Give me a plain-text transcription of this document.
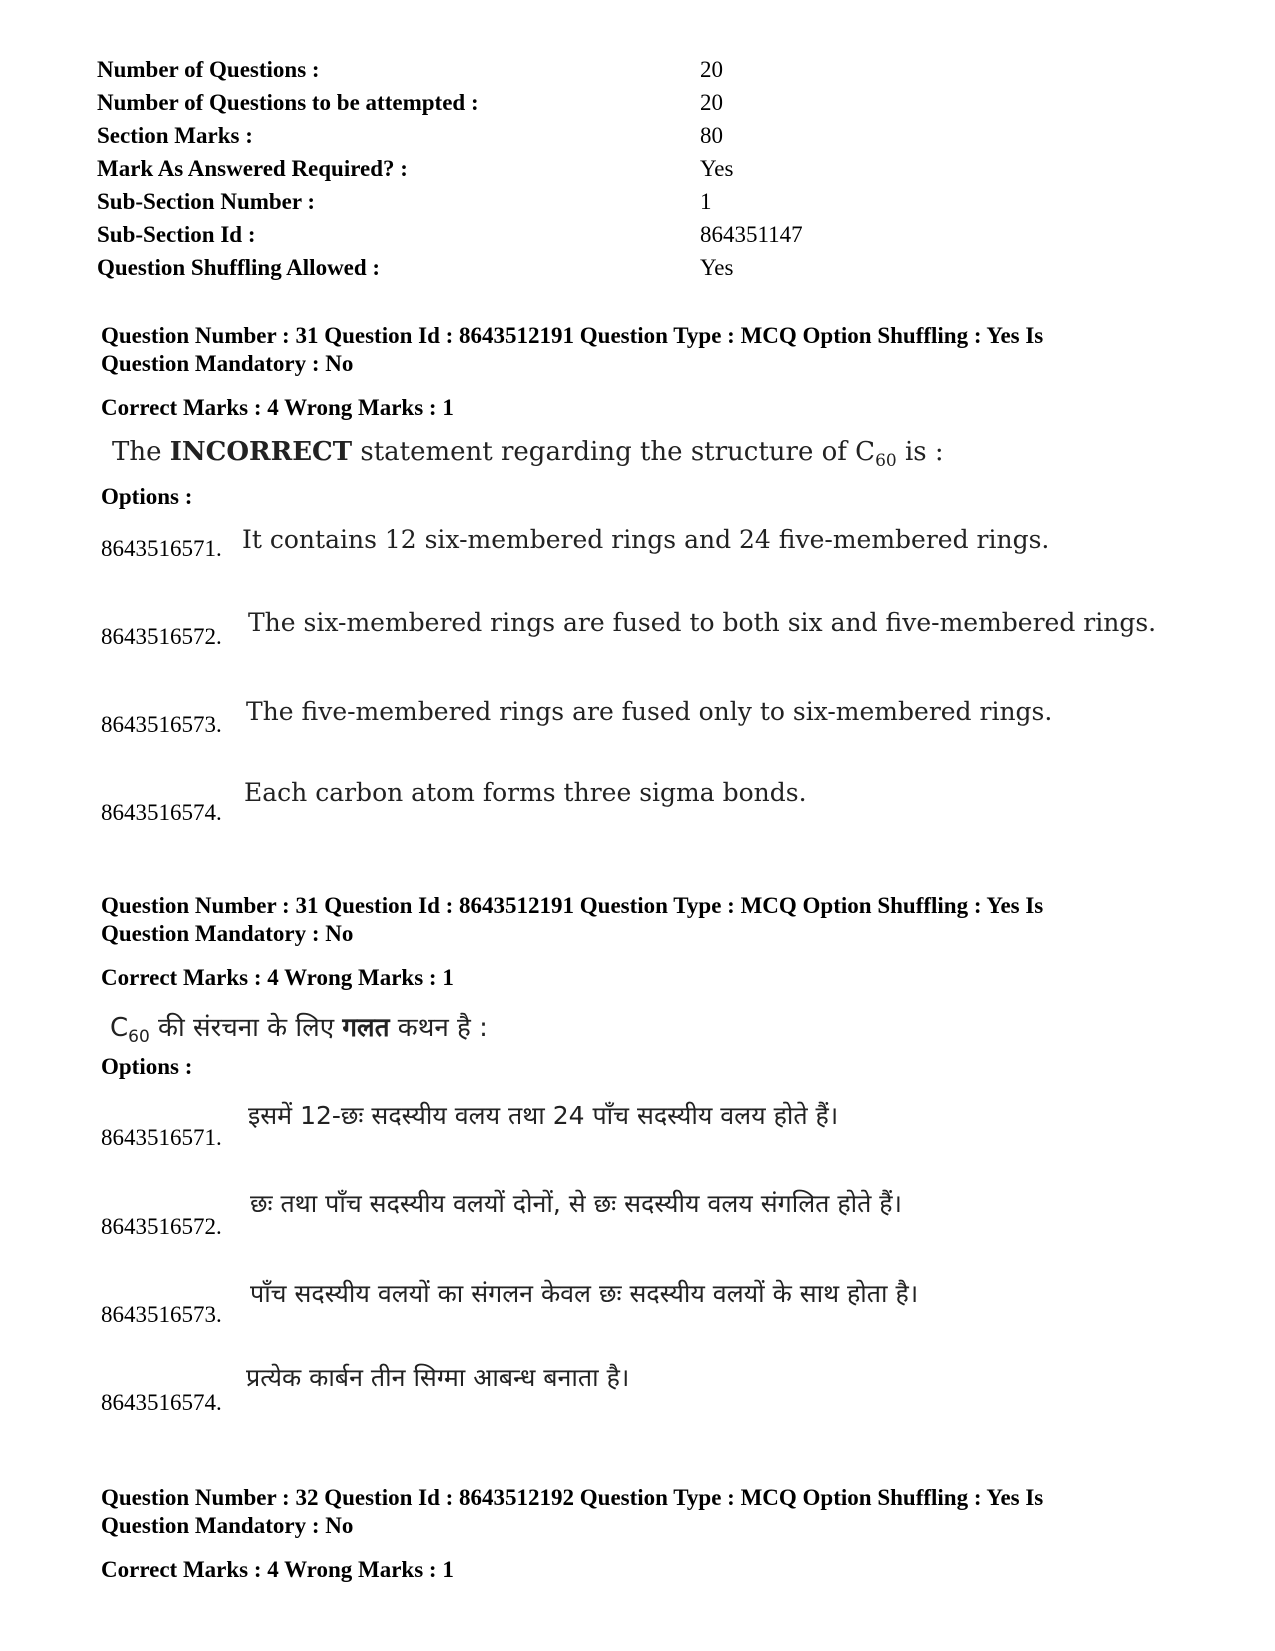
Number of Questions :	20
Number of Questions to be attempted :	20
Section Marks :	80
Mark As Answered Required? :	Yes
Sub-Section Number :	1
Sub-Section Id :	864351147
Question Shuffling Allowed :	Yes
Question Number : 31 Question Id : 8643512191 Question Type : MCQ Option Shuffling : Yes Is
Question Mandatory : No
Correct Marks : 4 Wrong Marks : 1
The INCORRECT statement regarding the structure of $C_{60}$ is :
Options :
8643516571. It contains 12 six-membered rings and 24 five-membered rings.
8643516572. The six-membered rings are fused to both six and five-membered rings.
8643516573. The five-membered rings are fused only to six-membered rings.
8643516574.
Each carbon atom forms three sigma bonds.
Question Number : 31 Question Id : 8643512191 Question Type : MCQ Option Shuffling : Yes Is
Question Mandatory : No
Correct Marks : 4 Wrong Marks : 1
$C_{60}$ की संरचना के लिए गलत कथन है :
Options :
8643516571.
इसमें 12-छः सदस्यीय वलय तथा 24 पाँच सदस्यीय वलय होते हैं।
8643516572.
छः तथा पाँच सदस्यीय वलयों दोनों, से छः सदस्यीय वलय संगलित होते हैं।
8643516573.
पाँच सदस्यीय वलयों का संगलन केवल छः सदस्यीय वलयों के साथ होता है।
8643516574.
प्रत्येक कार्बन तीन सिग्मा आबन्ध बनाता है।
Question Number : 32 Question Id : 8643512192 Question Type : MCQ Option Shuffling : Yes Is
Question Mandatory : No
Correct Marks : 4 Wrong Marks : 1
